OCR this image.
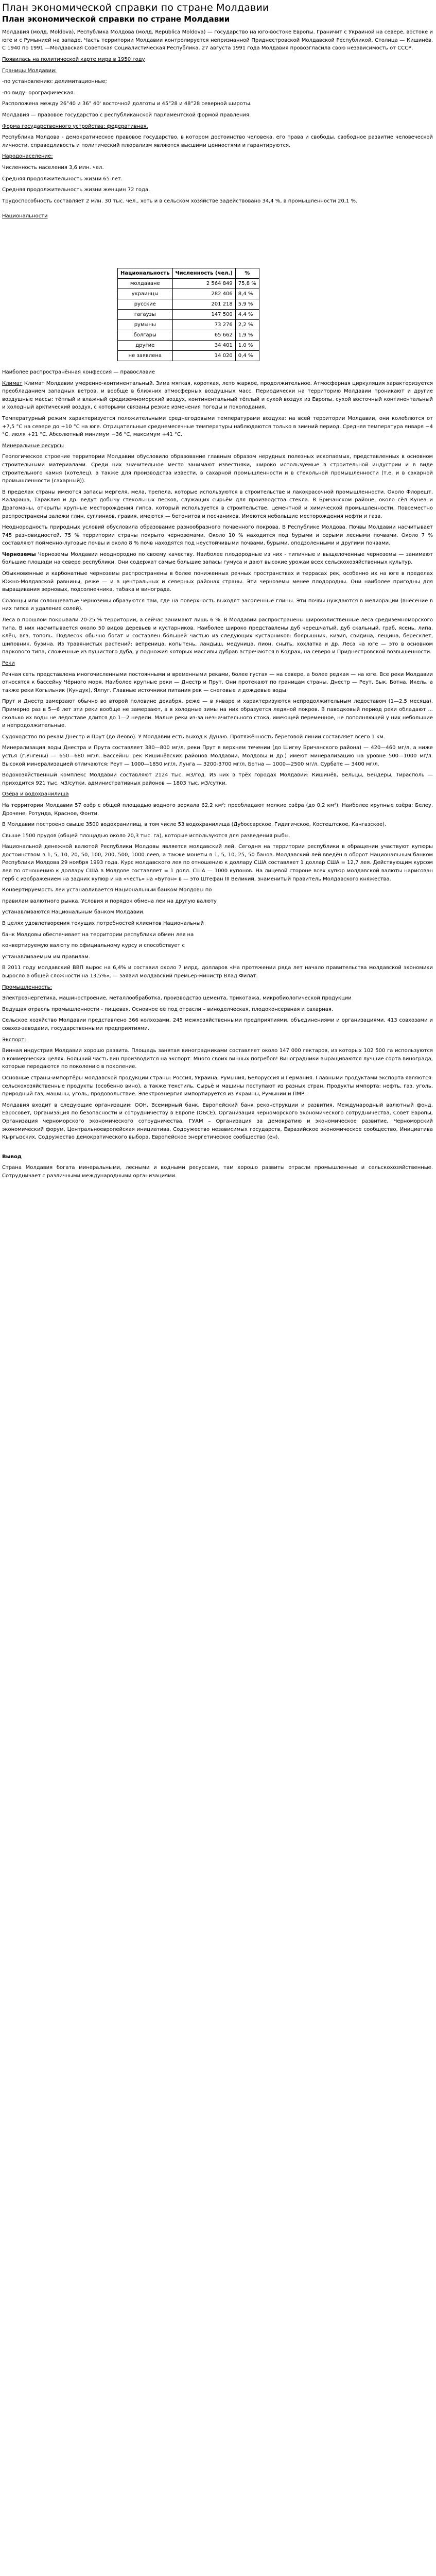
План экономической справки по стране Молдавии
План экономической справки по стране Молдавии

Молдавия (молд. Moldova), Республика Молдова (молд. Republica Moldova) — государство на юго-востоке Европы. Граничит с Украиной на севере, востоке и юге и с Румынией на западе. Часть территории Молдавии контролируется непризнанной Приднестровской Молдавской Республикой. Столица — Кишинёв. С 1940 по 1991 —Молдавская Советская Социалистическая Республика. 27 августа 1991 года Молдавия провозгласила свою независимость от СССР.

Появилась на политической карте мира в 1950 году

Границы Молдавии:

-по установлению: делимитационные;

-по виду: орографическая.

Расположена между 26°40 и 36° 40' восточной долготы и 45°28 и 48°28 северной широты.

Молдавия — правовое государство с республиканской парламентской формой правления.

Форма государственного устройства: федеративная.

Республика Молдова - демократическое правовое государство, в котором достоинство человека, его права и свободы, свободное развитие человеческой личности, справедливость и политический плюрализм являются высшими ценностями и гарантируются.

Народонаселение:

Численность населения 3,6 млн. чел.

Средняя продолжительность жизни 65 лет.

Средняя продолжительность жизни женщин 72 года.

Трудоспособность составляет 2 млн. 30 тыс. чел., хоть и в сельском хозяйстве задействовано 34,4 %, в промышленности 20,1 %.

Национальности

Национальность	Численность (чел.)	%
молдаване	2 564 849	75,8 %
украинцы	282 406	8,4 %
русские	201 218	5,9 %
гагаузы	147 500	4,4 %
румыны	73 276	2,2 %
болгары	65 662	1,9 %
другие	34 401	1,0 %
не заявлена	14 020	0,4 %

Наиболее распространённая конфессия — православие

Климат Климат Молдавии умеренно-континентальный. Зима мягкая, короткая, лето жаркое, продолжительное. Атмосферная циркуляция характеризуется преобладанием западных ветров, и вообще в ближних атмосферных воздушных масс. Периодически на территорию Молдавии проникают и другие воздушные массы: тёплый и влажный средиземноморский воздух, континентальный тёплый и сухой воздух из Европы, сухой восточный континентальный и холодный арктический воздух, с которыми связаны резкие изменения погоды и похолодания.

Температурный режим характеризуется положительными среднегодовыми температурами воздуха: на всей территории Молдавии, они колеблются от +7,5 °C на севере до +10 °C на юге. Отрицательные среднемесячные температуры наблюдаются только в зимний период. Средняя температура января −4 °C, июля +21 °C. Абсолютный минимум −36 °C, максимум +41 °C.

Минеральные ресурсы

Геологическое строение территории Молдавии обусловило образование главным образом нерудных полезных ископаемых, представленных в основном строительными материалами. Среди них значительное место занимают известняки, широко используемые в строительной индустрии и в виде строительного камня (котелец), а также для производства извести, в сахарной промышленности и в стекольной промышленности (т.е. и в сахарной промышленности (сахарный)).

В пределах страны имеются запасы мергеля, мела, трепела, которые используются в строительстве и лакокрасочной промышленности. Около Флорешт, Калараша, Тараклия и др. ведут добычу стекольных песков, служащих сырьём для производства стекла. В Бричанском районе, около сёл Кунеа и Драгоманы, открыты крупные месторождения гипса, который используется в строительстве, цементной и химической промышленности. Повсеместно распространены залежи глин, суглинков, гравия, имеются — бетонитов и песчаников. Имеются небольшие месторождения нефти и газа.

Неоднородность природных условий обусловила образование разнообразного почвенного покрова. В Республике Молдова. Почвы Молдавии насчитывает 745 разновидностей. 75 % территории страны покрыто черноземами. Около 10 % находится под бурыми и серыми лесными почвами. Около 7 % составляют пойменно-луговые почвы и около 8 % почв находятся под неустойчивыми почвами, бурыми, оподзоленными и другими почвами.

Черноземы Черноземы Молдавии неоднородно по своему качеству. Наиболее плодородные из них - типичные и выщелоченные черноземы — занимают большие площади на севере республики. Они содержат самые большие запасы гумуса и дают высокие урожаи всех сельскохозяйственных культур.

Обыкновенные и карбонатные черноземы распространены в более пониженных речных пространствах и террасах рек, особенно их на юге в пределах Южно-Молдавской равнины, реже — и в центральных и северных районах страны. Эти черноземы менее плодородны. Они наиболее пригодны для выращивания зерновых, подсолнечника, табака и винограда.

Солонцы или солонцеватые черноземы образуются там, где на поверхность выходят засоленные глины. Эти почвы нуждаются в мелиорации (внесение в них гипса и удаление солей).

Леса в прошлом покрывали 20-25 % территории, а сейчас занимают лишь 6 %. В Молдавии распространены широколиственные леса средиземноморского типа. В них насчитывается около 50 видов деревьев и кустарников. Наиболее широко представлены дуб черешчатый, дуб скальный, граб, ясень, липа, клён, вяз, тополь. Подлесок обычно богат и составлен бо́льшей частью из следующих кустарников: боярышник, кизил, свидина, лещина, бересклет, шиповник, бузина. Из травянистых растений: ветреница, копытень, ландыш, медуница, пион, сныть, хохлатка и др. Леса на юге — это в основном паркового типа, сложенные из пушистого дуба, у подножия которых массивы дубрав встречаются в Кодрах, на северо и Приднестровской возвышенности.

Реки

Речная сеть представлена многочисленными постоянными и временными реками, более густая — на севере, а более редкая — на юге. Все реки Молдавии относятся к бассейну Чёрного моря. Наиболее крупные реки — Днестр и Прут. Они протекают по границам страны. Днестр — Реут, Бык, Ботна, Икель, а также реки Когыльник (Кундук), Ялпуг. Главные источники питания рек — снеговые и дождевые воды.

Прут и Днестр замерзают обычно во второй половине декабря, реже — в январе и характеризуются непродолжительным ледоставом (1—2,5 месяца). Примерно раз в 5—6 лет эти реки вообще не замерзают, а в холодные зимы на них образуется ледяной покров. В паводковый период реки обладают ... сколько их воды не ледоставе длится до 1—2 недели. Малые реки из-за незначительного стока, имеющей переменное, не пополняющей у них небольшие и непродолжительные.

Судоходство по рекам Днестр и Прут (до Леово). У Молдавии есть выход к Дунаю. Протяжённость береговой линии составляет всего 1 км.

Минерализация воды Днестра и Прута составляет 380—800 мг/л, реки Прут в верхнем течении (до Шигеу Бричанского района) — 420—460 мг/л, а ниже устья (г.Унгены) — 650—680 мг/л. Бассейны рек Кишинёвских районов Молдавии, Молдовы и др.) имеют минерализацию на уровне 500—1000 мг/л. Высокой минерализацией отличаются: Реут — 1000—1850 мг/л, Лунга — 3200-3700 мг/л, Ботна — 1000—2500 мг/л. Сурбате — 3400 мг/л.

Водохозяйственный комплекс Молдавии составляют 2124 тыс. м3/год. Из них в трёх городах Молдавии: Кишинёв, Бельцы, Бендеры, Тирасполь — приходится 921 тыс. м3/сутки, административных районов — 1803 тыс. м3/сутки.

Озёра и водохранилища

На территории Молдавии 57 озёр с общей площадью водного зеркала 62,2 км²; преобладают мелкие озёра (до 0,2 км²). Наиболее крупные озёра: Белеу, Дрочене, Ротунда, Красное, Фонти.

В Молдавии построено свыше 3500 водохранилищ, в том числе 53 водохранилища (Дубоссарское, Гидигичское, Костештское, Кангазское).

Свыше 1500 прудов (общей площадью около 20,3 тыс. га), которые используются для разведения рыбы.

Национальной денежной валютой Республики Молдовы является молдавский лей. Сегодня на территории республики в обращении участвуют купюры достоинством в 1, 5, 10, 20, 50, 100, 200, 500, 1000 леев, а также монеты в 1, 5, 10, 25, 50 банов. Молдавский лей введён в оборот Национальным банком Республики Молдова 29 ноября 1993 года. Курс молдавского лея по отношению к доллару США составляет 1 доллар США = 12,7 лея. Действующим курсом лея по отношению к доллару США в Молдове составляет = 1 долл. США — 1000 купонов. На лицевой стороне всех купюр молдавской валюты нарисован герб с изображением на задних купюр и на «честь» на «Бутон» в — это Штефан III Великий, знаменитый правитель Молдавского княжества.

Конвертируемость леи устанавливается Национальным банком Молдовы по

правилам валютного рынка. Условия и порядок обмена леи на другую валюту

устанавливаются Национальным банком Молдавии.

В целях удовлетворения текущих потребностей клиентов Национальный

банк Молдовы обеспечивает на территории республики обмен лея на

конвертируемую валюту по официальному курсу и способствует с

устанавливаемым им правилам.

В 2011 году молдавский ВВП вырос на 6,4% и составил около 7 млрд. долларов «На протяжении ряда лет начало правительства молдавской экономики выросло в общей сложности на 13,5%», — заявил молдавский премьер-министр Влад Филат.

Промышленность:

Электроэнергетика, машиностроение, металлообработка, производство цемента, трикотажа, микробиологической продукции

Ведущая отрасль промышленности - пищевая. Основное её под отрасли – виноделческая, плодоконсервная и сахарная.

Сельское хозяйство Молдавии представлено 366 колхозами, 245 межхозяйственными предприятиями, объединениями и организациями, 413 совхозами и совхоз-заводами, государственными предприятиями.

Экспорт:

Винная индустрия Молдавии хорошо развита. Площадь занятая виноградниками составляет около 147 000 гектаров, из которых 102 500 га используются в коммерческих целях. Больший часть вин производится на экспорт. Много своих винных погребов! Виноградники выращиваются лучшие сорта винограда, которые передаются по поколению в поколение.

Основные страны-импортёры молдавской продукции страны: Россия, Украина, Румыния, Белоруссия и Германия. Главными продуктами экспорта являются: сельскохозяйственные продукты (особенно вино), а также текстиль. Сырьё и машины поступают из разных стран. Продукты импорта: нефть, газ, уголь, природный газ, машины, уголь, продовольствие. Электроэнергия импортируется из Украины, Румынии и ПМР.

Молдавия входит в следующие организации: ООН, Всемирный банк, Европейский банк реконструкции и развития, Международный валютный фонд, Евросовет, Организация по безопасности и сотрудничеству в Европе (ОБСЕ), Организация черноморского экономического сотрудничества, Совет Европы, Организация черноморского экономического сотрудничества, ГУАМ – Организация за демократию и экономическое развитие, Черноморский экономический форум, Центральноевропейская инициатива, Содружество независимых государств, Евразийское экономическое сообщество, Инициатива Кыргызских, Содружество демократического выбора, Европейское энергетическое сообщество (ен).

Вывод

Страна Молдавия богата минеральными, лесными и водными ресурсами, там хорошо развиты отрасли промышленные и сельскохозяйственные. Сотрудничает с различными международными организациями.
